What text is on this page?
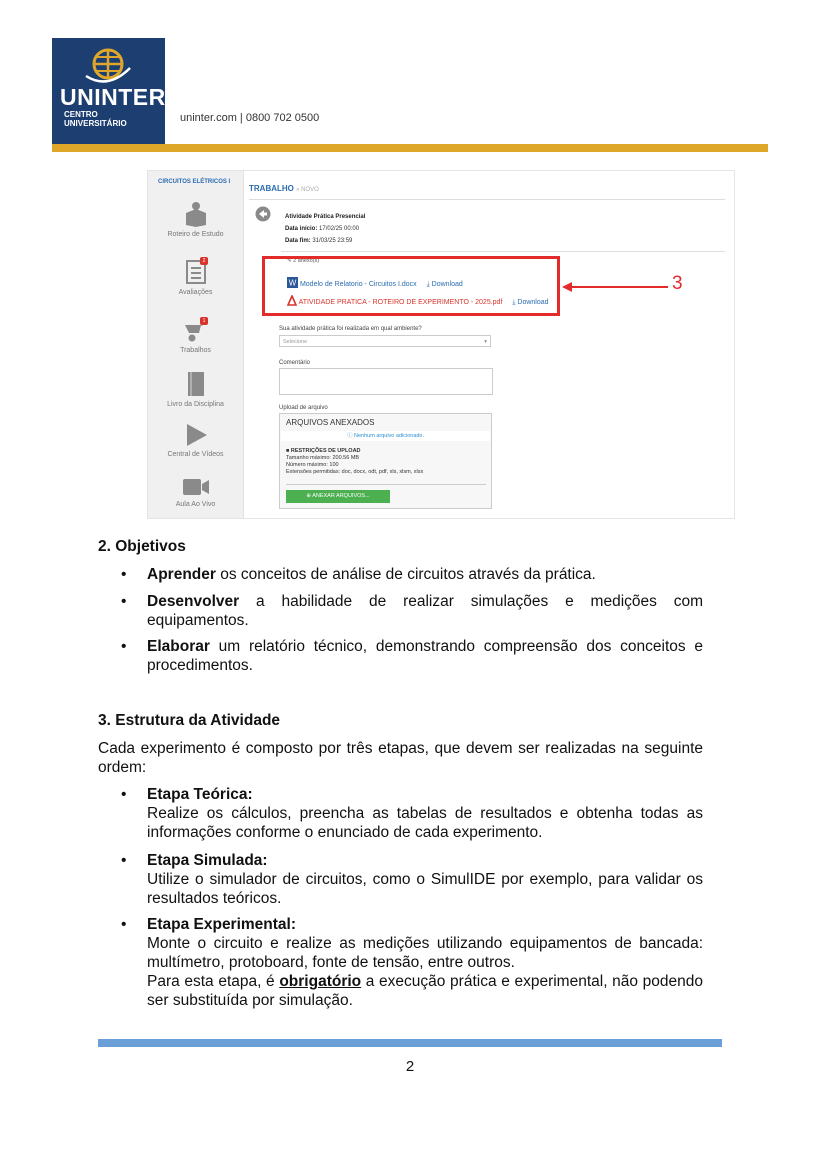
UNINTER
CENTRO
UNIVERSITÁRIO	uninter.com | 0800 702 0500
CIRCUITOS ELÉTRICOS I
Roteiro de Estudo
Avaliações
2
Trabalhos
1
Livro da Disciplina
Central de Vídeos
Aula Ao Vivo
TRABALHO » NOVO
Atividade Prática Presencial
Data início: 17/02/25 00:00
Data fim: 31/03/25 23:59
✎ 2 anexo(s)
W Modelo de Relatorio - Circuitos I.docx ⤓ Download
ATIVIDADE PRATICA - ROTEIRO DE EXPERIMENTO - 2025.pdf ⤓ Download
3
Sua atividade prática foi realizada em qual ambiente?
Selecione	▾
Comentário
Upload de arquivo
ARQUIVOS ANEXADOS
ⓘ Nenhum arquivo adicionado.
■ RESTRIÇÕES DE UPLOAD
Tamanho máximo: 200.56 MB
Número máximo: 100
Extensões permitidas: doc, docx, odt, pdf, xls, xlsm, xlsx
⊕ ANEXAR ARQUIVOS...
2. Objetivos
• Aprender os conceitos de análise de circuitos através da prática.
• Desenvolver a habilidade de realizar simulações e medições com equipamentos.
• Elaborar um relatório técnico, demonstrando compreensão dos conceitos e procedimentos.
3. Estrutura da Atividade
Cada experimento é composto por três etapas, que devem ser realizadas na seguinte ordem:
• Etapa Teórica:
Realize os cálculos, preencha as tabelas de resultados e obtenha todas as informações conforme o enunciado de cada experimento.
• Etapa Simulada:
Utilize o simulador de circuitos, como o SimulIDE por exemplo, para validar os resultados teóricos.
• Etapa Experimental:
Monte o circuito e realize as medições utilizando equipamentos de bancada: multímetro, protoboard, fonte de tensão, entre outros.
Para esta etapa, é obrigatório a execução prática e experimental, não podendo ser substituída por simulação.
2
